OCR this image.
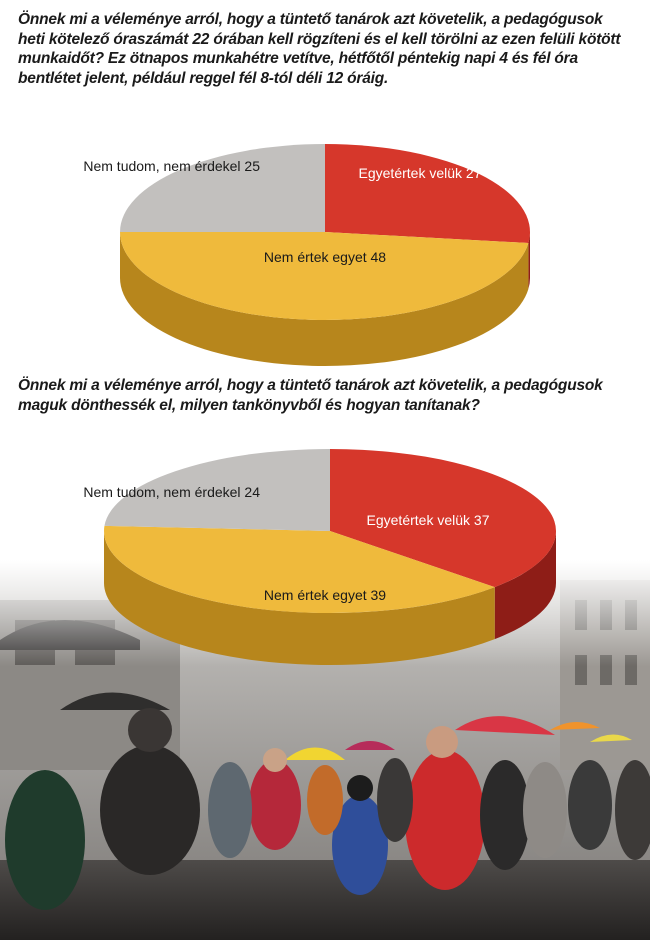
Önnek mi a véleménye arról, hogy a tüntető tanárok azt követelik, a pedagógusok heti kötelező óraszámát 22 órában kell rögzíteni és el kell törölni az ezen felüli kötött munkaidőt? Ez ötnapos munkahétre vetítve, hétfőtől péntekig napi 4 és fél óra bentlétet jelent, például reggel fél 8-tól déli 12 óráig.

Egyetértek velük 27
Nem értek egyet 48
Nem tudom, nem érdekel 25

Önnek mi a véleménye arról, hogy a tüntető tanárok azt követelik, a pedagógusok maguk dönthessék el, milyen tankönyvből és hogyan tanítanak?

Egyetértek velük 37
Nem értek egyet 39
Nem tudom, nem érdekel 24
